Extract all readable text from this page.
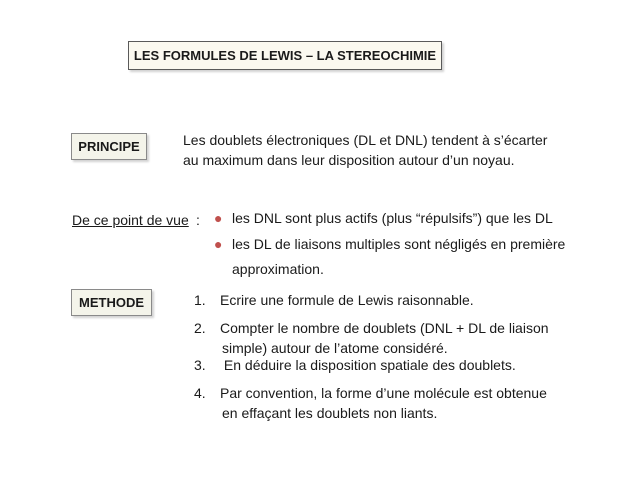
LES FORMULES DE LEWIS – LA STEREOCHIMIE
PRINCIPE	Les doublets électroniques (DL et DNL) tendent à s’écarter
au maximum dans leur disposition autour d’un noyau.
De ce point de vue : ● les DNL sont plus actifs (plus “répulsifs”) que les DL
● les DL de liaisons multiples sont négligés en première
approximation.
METHODE	1. Ecrire une formule de Lewis raisonnable.
2. Compter le nombre de doublets (DNL + DL de liaison
simple) autour de l’atome considéré.
3. En déduire la disposition spatiale des doublets.
4. Par convention, la forme d’une molécule est obtenue
en effaçant les doublets non liants.
